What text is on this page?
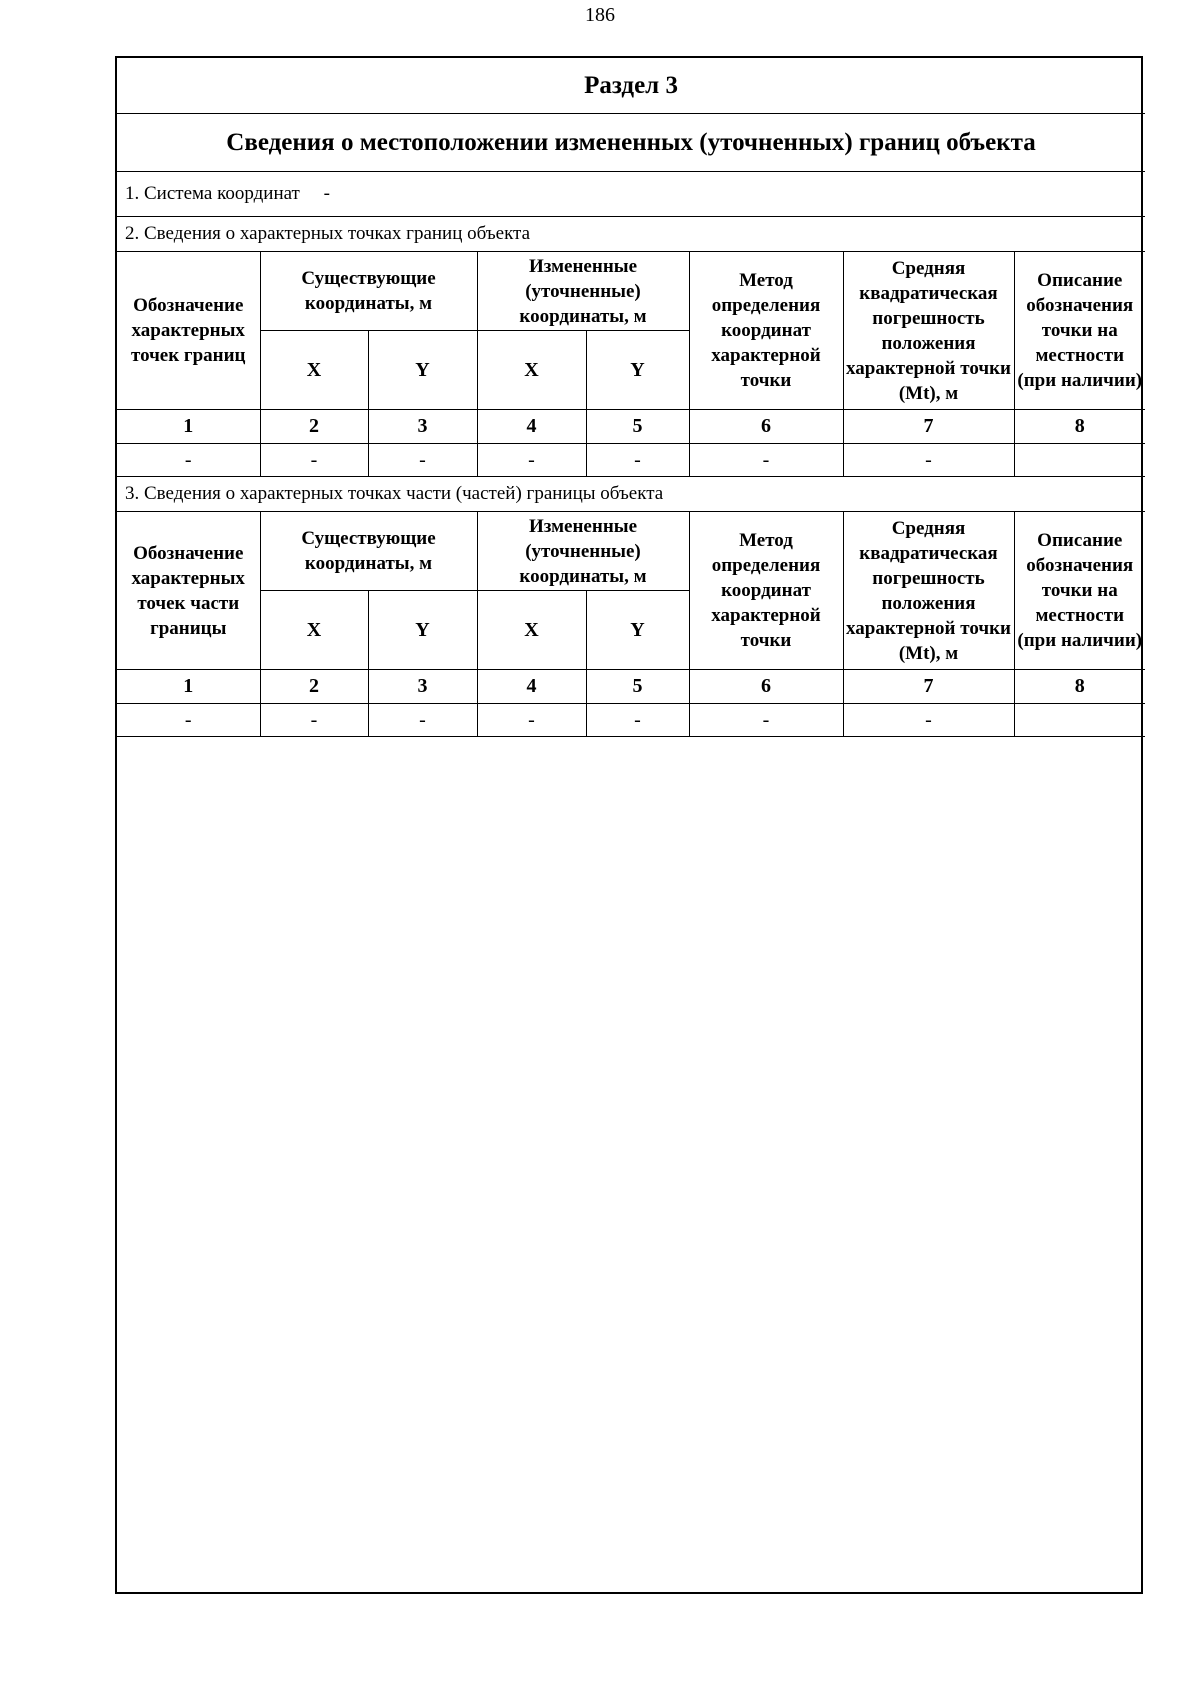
186
Раздел 3							
Сведения о местоположении измененных (уточненных) границ объекта							
1. Система координат -							
2. Сведения о характерных точках границ объекта							
Обозначение характерных точек границ	Существующие координаты, м		Измененные (уточненные) координаты, м		Метод определения координат характерной точки	Средняя квадратическая погрешность положения характерной точки (Mt), м	Описание обозначения точки на местности (при наличии)
	X	Y	X	Y			
1	2	3	4	5	6	7	8
-	-	-	-	-	-	-	
3. Сведения о характерных точках части (частей) границы объекта							
Обозначение характерных точек части границы	Существующие координаты, м		Измененные (уточненные) координаты, м		Метод определения координат характерной точки	Средняя квадратическая погрешность положения характерной точки (Mt), м	Описание обозначения точки на местности (при наличии)
	X	Y	X	Y			
1	2	3	4	5	6	7	8
-	-	-	-	-	-	-	
